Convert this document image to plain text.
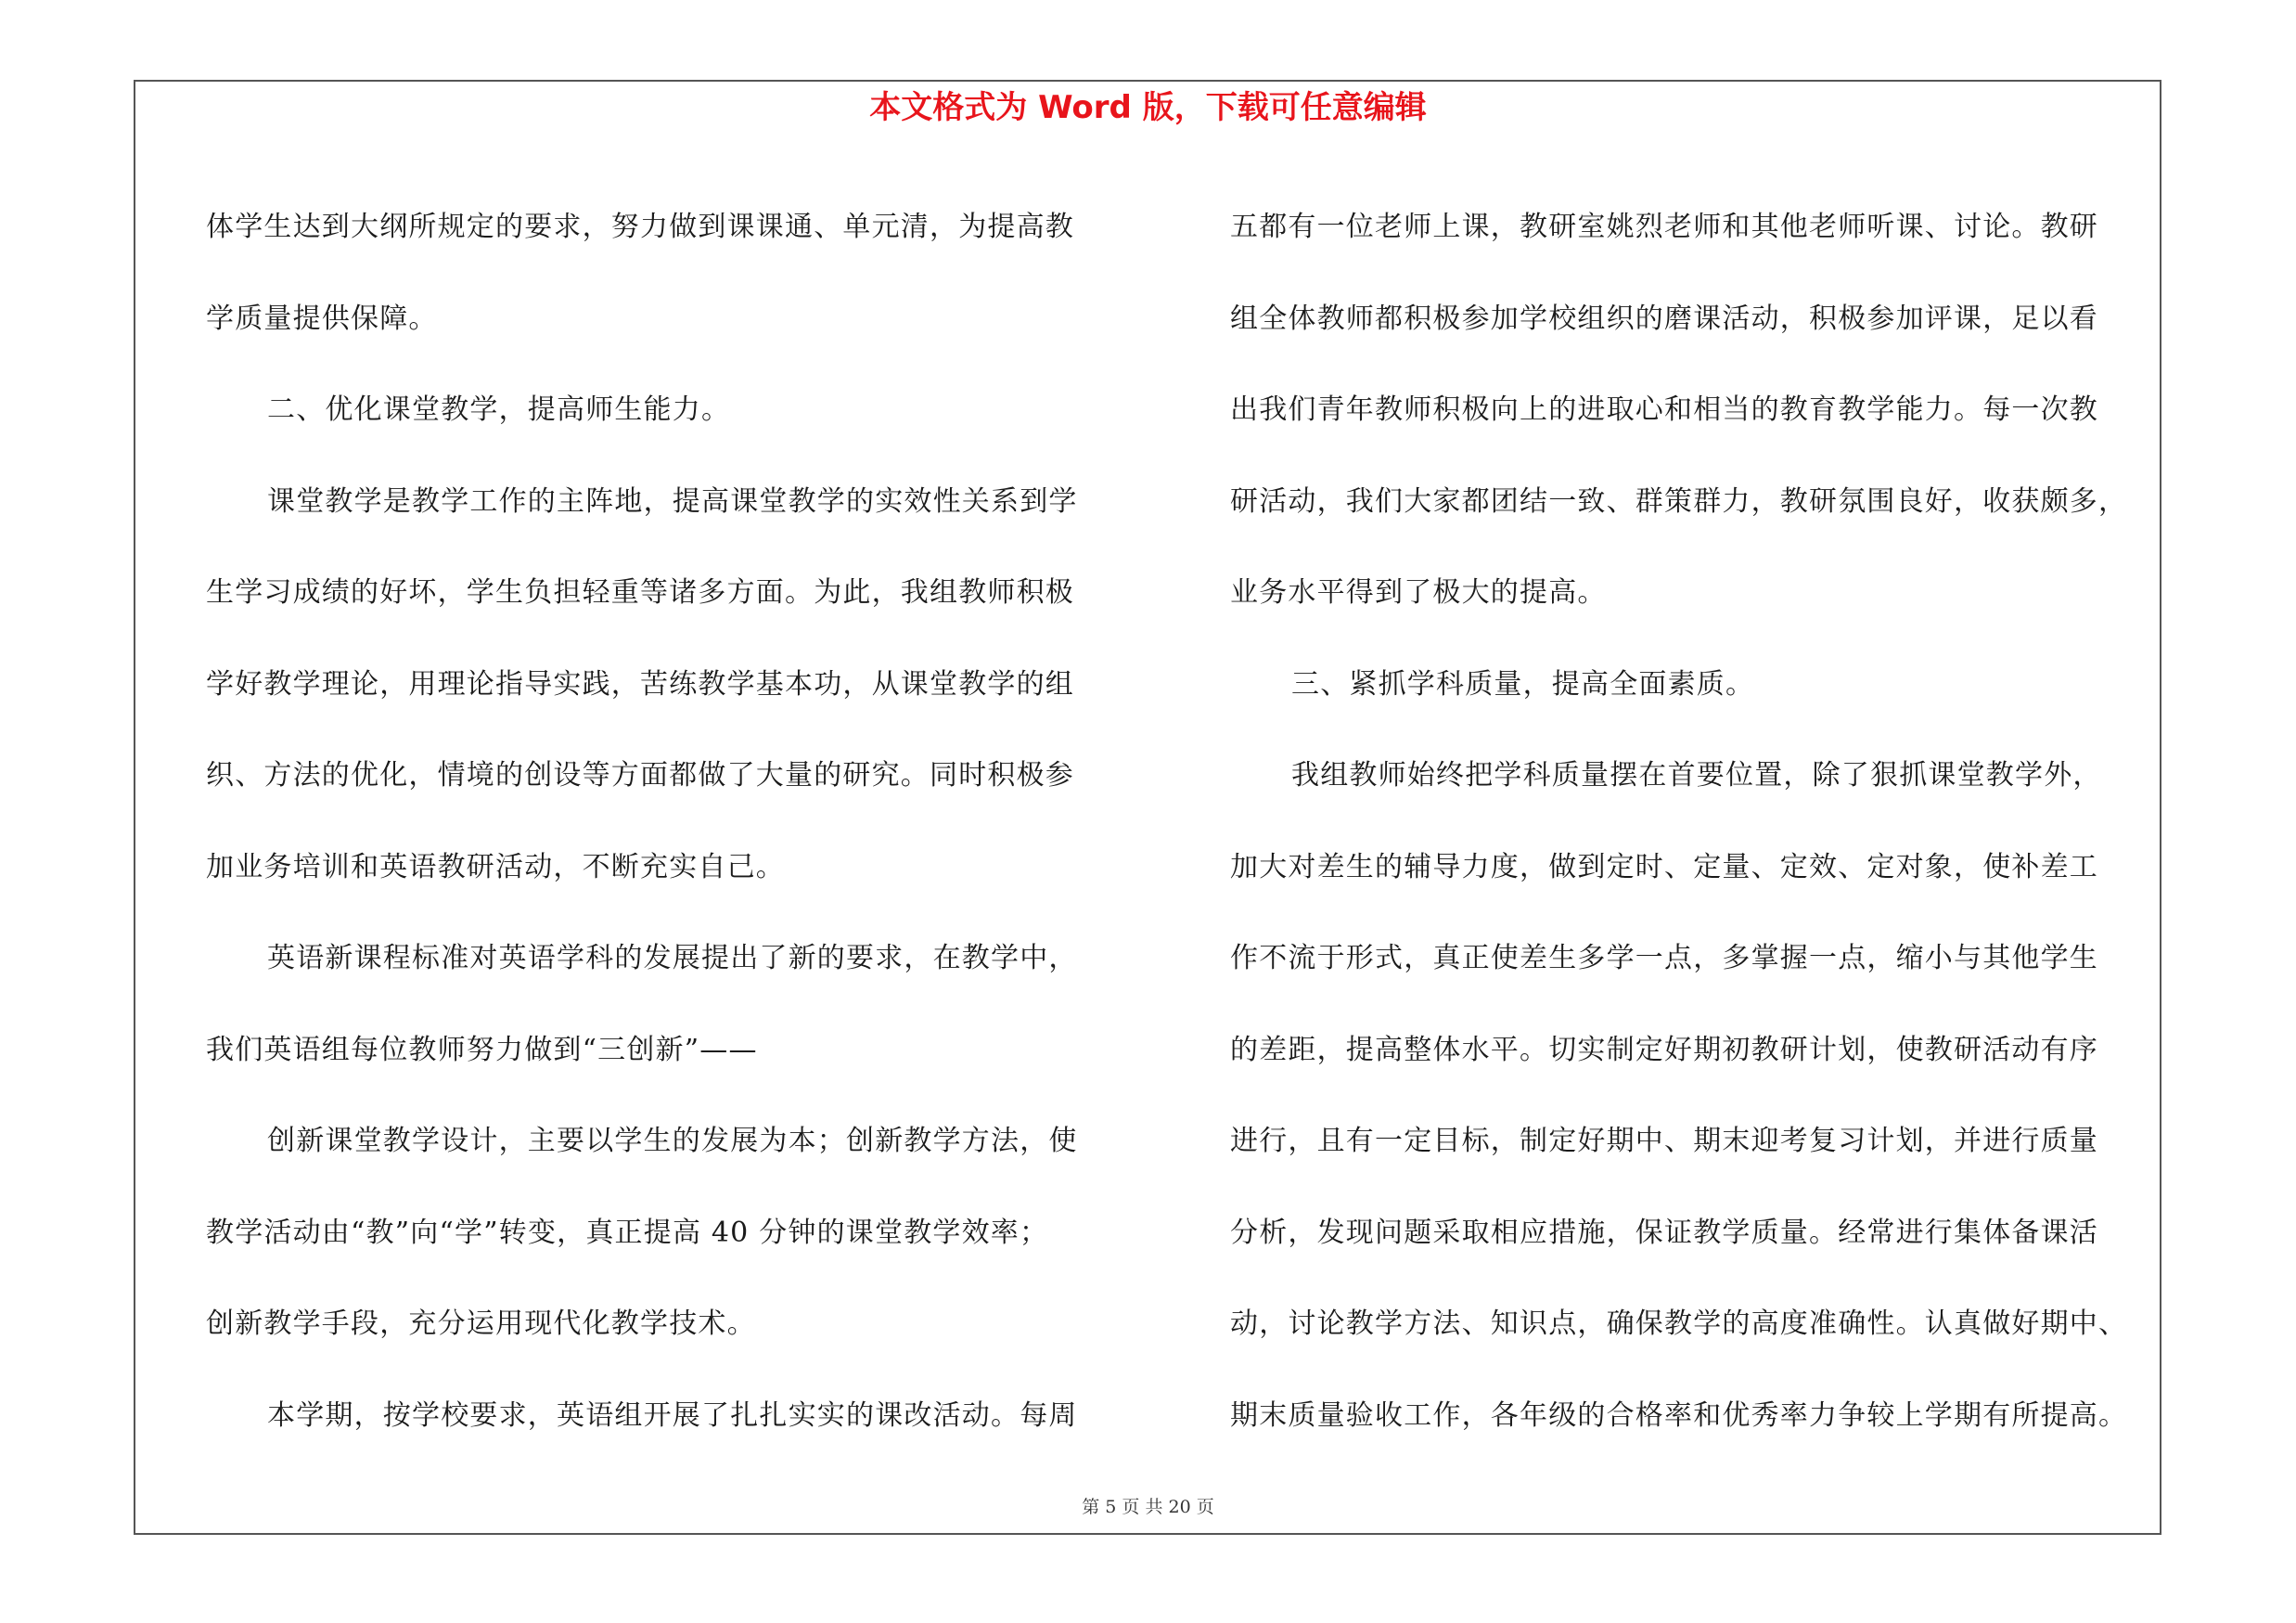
本文格式为 Word 版，下载可任意编辑
体学生达到大纲所规定的要求，努力做到课课通、单元清，为提高教
学质量提供保障。
二、优化课堂教学，提高师生能力。
课堂教学是教学工作的主阵地，提高课堂教学的实效性关系到学
生学习成绩的好坏，学生负担轻重等诸多方面。为此，我组教师积极
学好教学理论，用理论指导实践，苦练教学基本功，从课堂教学的组
织、方法的优化，情境的创设等方面都做了大量的研究。同时积极参
加业务培训和英语教研活动，不断充实自己。
英语新课程标准对英语学科的发展提出了新的要求，在教学中，
我们英语组每位教师努力做到“三创新”——
创新课堂教学设计，主要以学生的发展为本；创新教学方法，使
教学活动由“教”向“学”转变，真正提高 40 分钟的课堂教学效率；
创新教学手段，充分运用现代化教学技术。
本学期，按学校要求，英语组开展了扎扎实实的课改活动。每周
五都有一位老师上课，教研室姚烈老师和其他老师听课、讨论。教研
组全体教师都积极参加学校组织的磨课活动，积极参加评课，足以看
出我们青年教师积极向上的进取心和相当的教育教学能力。每一次教
研活动，我们大家都团结一致、群策群力，教研氛围良好，收获颇多，
业务水平得到了极大的提高。
三、紧抓学科质量，提高全面素质。
我组教师始终把学科质量摆在首要位置，除了狠抓课堂教学外，
加大对差生的辅导力度，做到定时、定量、定效、定对象，使补差工
作不流于形式，真正使差生多学一点，多掌握一点，缩小与其他学生
的差距，提高整体水平。切实制定好期初教研计划，使教研活动有序
进行，且有一定目标，制定好期中、期末迎考复习计划，并进行质量
分析，发现问题采取相应措施，保证教学质量。经常进行集体备课活
动，讨论教学方法、知识点，确保教学的高度准确性。认真做好期中、
期末质量验收工作，各年级的合格率和优秀率力争较上学期有所提高。
第 5 页 共 20 页
